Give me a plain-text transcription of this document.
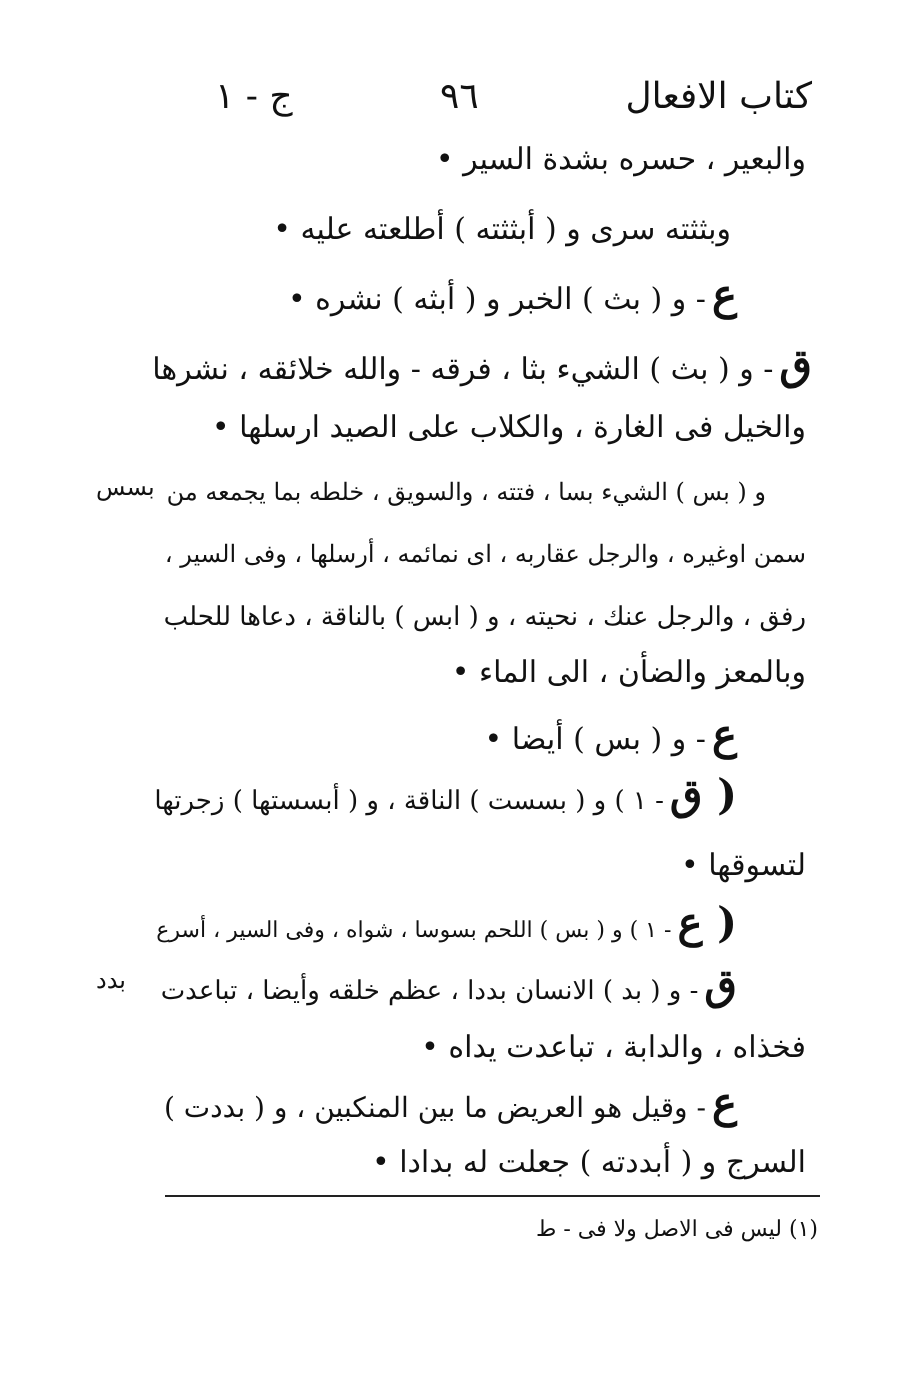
كتاب الافعال
٩٦
ج - ١
والبعير ، حسره بشدة السير •
وبثثته سرى و ( أبثثته ) أطلعته عليه •
ع- و ( بث ) الخبر و ( أبثه ) نشره •
ق- و ( بث ) الشيء بثا ، فرقه - والله خلائقه ، نشرها
والخيل فى الغارة ، والكلاب على الصيد ارسلها •
و ( بس ) الشيء بسا ، فتته ، والسويق ، خلطه بما يجمعه من
سمن اوغيره ، والرجل عقاربه ، اى نمائمه ، أرسلها ، وفى السير ،
رفق ، والرجل عنك ، نحيته ، و ( ابس ) بالناقة ، دعاها للحلب
وبالمعز والضأن ، الى الماء •
ع- و ( بس ) أيضا •
( ق- ١ ) و ( بسست ) الناقة ، و ( أبسستها ) زجرتها
لتسوقها •
( ع- ١ ) و ( بس ) اللحم بسوسا ، شواه ، وفى السير ، أسرع
ق- و ( بد ) الانسان بددا ، عظم خلقه وأيضا ، تباعدت
فخذاه ، والدابة ، تباعدت يداه •
ع- وقيل هو العريض ما بين المنكبين ، و ( بددت )
السرج و ( أبددته ) جعلت له بدادا •
بسس
بدد
(١) ليس فى الاصل ولا فى - ط
